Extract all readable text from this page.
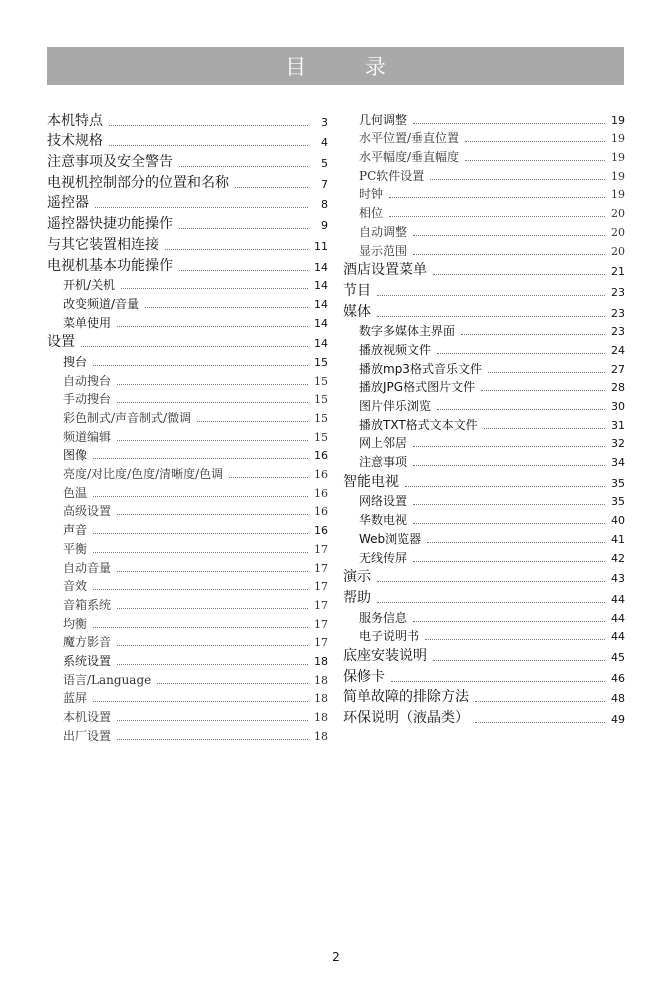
目 录
本机特点	3
技术规格	4
注意事项及安全警告	5
电视机控制部分的位置和名称	7
遥控器	8
遥控器快捷功能操作	9
与其它装置相连接	11
电视机基本功能操作	14
开机/关机	14
改变频道/音量	14
菜单使用	14
设置	14
搜台	15
自动搜台	15
手动搜台	15
彩色制式/声音制式/微调	15
频道编辑	15
图像	16
亮度/对比度/色度/清晰度/色调	16
色温	16
高级设置	16
声音	16
平衡	17
自动音量	17
音效	17
音箱系统	17
均衡	17
魔方影音	17
系统设置	18
语言/Language	18
蓝屏	18
本机设置	18
出厂设置	18
几何调整	19
水平位置/垂直位置	19
水平幅度/垂直幅度	19
PC软件设置	19
时钟	19
相位	20
自动调整	20
显示范围	20
酒店设置菜单	21
节目	23
媒体	23
数字多媒体主界面	23
播放视频文件	24
播放mp3格式音乐文件	27
播放JPG格式图片文件	28
图片伴乐浏览	30
播放TXT格式文本文件	31
网上邻居	32
注意事项	34
智能电视	35
网络设置	35
华数电视	40
Web浏览器	41
无线传屏	42
演示	43
帮助	44
服务信息	44
电子说明书	44
底座安装说明	45
保修卡	46
简单故障的排除方法	48
环保说明（液晶类）	49
2
